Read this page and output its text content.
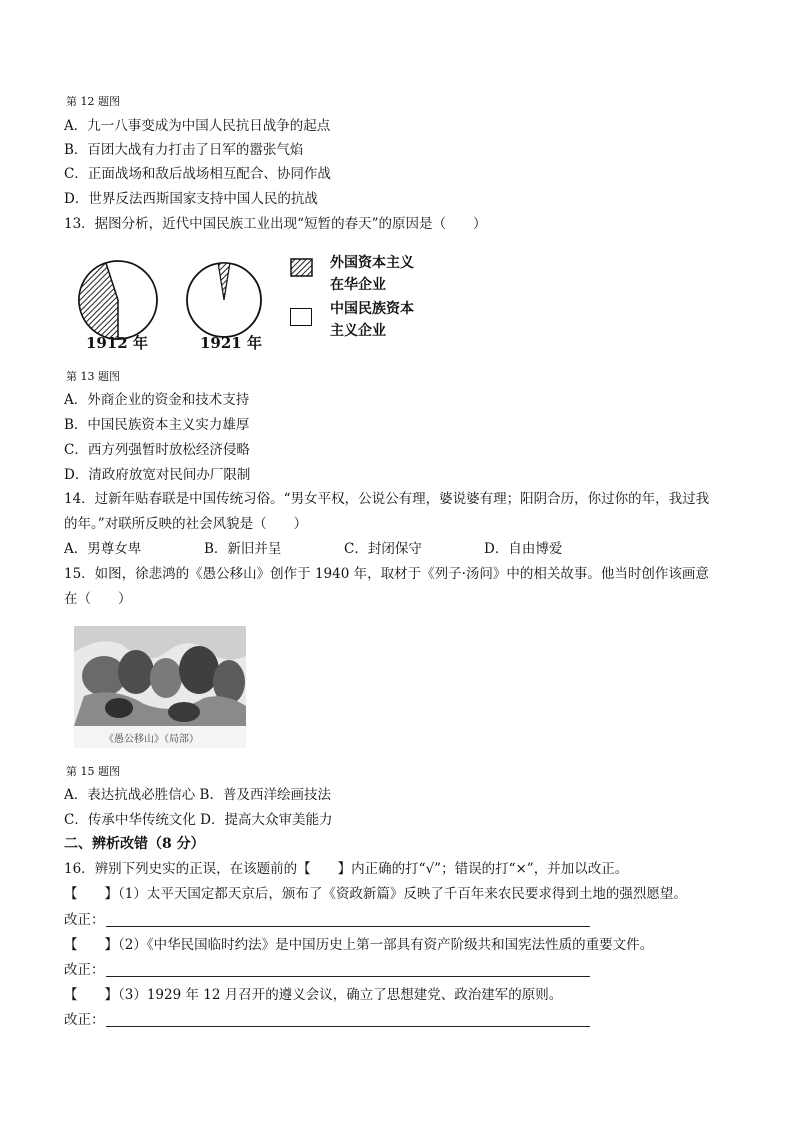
第 12 题图
A．九一八事变成为中国人民抗日战争的起点
B．百团大战有力打击了日军的嚣张气焰
C．正面战场和敌后战场相互配合、协同作战
D．世界反法西斯国家支持中国人民的抗战
13．据图分析，近代中国民族工业出现“短暂的春天”的原因是（　　）
1912 年	1921 年
外国资本主义在华企业
中国民族资本主义企业
第 13 题图
A．外商企业的资金和技术支持
B．中国民族资本主义实力雄厚
C．西方列强暂时放松经济侵略
D．清政府放宽对民间办厂限制
14．过新年贴春联是中国传统习俗。“男女平权，公说公有理，婆说婆有理；阳阴合历，你过你的年，我过我
的年。”对联所反映的社会风貌是（　　）
A．男尊女卑	B．新旧并呈	C．封闭保守	D．自由博爱
15．如图，徐悲鸿的《愚公移山》创作于 1940 年，取材于《列子·汤问》中的相关故事。他当时创作该画意
在（　　）
《愚公移山》（局部）
第 15 题图
A．表达抗战必胜信心 B．普及西洋绘画技法
C．传承中华传统文化 D．提高大众审美能力
二、辨析改错（8 分）
16．辨别下列史实的正误，在该题前的【　　】内正确的打“√”；错误的打“×”，并加以改正。
【　　】（1）太平天国定都天京后，颁布了《资政新篇》反映了千百年来农民要求得到土地的强烈愿望。
改正：
【　　】（2）《中华民国临时约法》是中国历史上第一部具有资产阶级共和国宪法性质的重要文件。
改正：
【　　】（3）1929 年 12 月召开的遵义会议，确立了思想建党、政治建军的原则。
改正：
